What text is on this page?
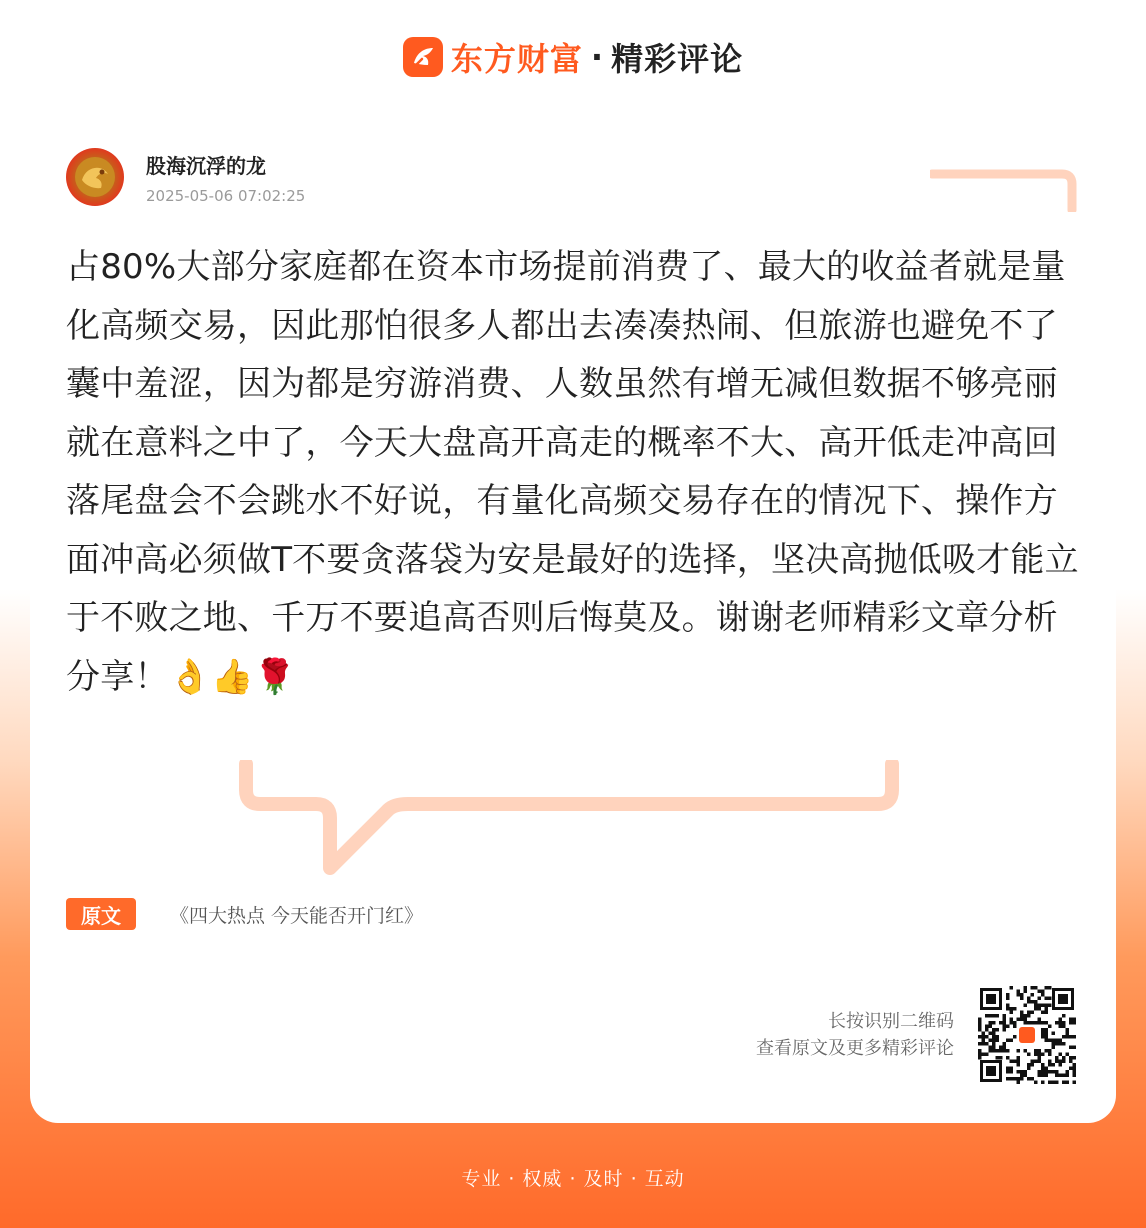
东方财富 · 精彩评论
股海沉浮的龙
2025-05-06 07:02:25
占80%大部分家庭都在资本市场提前消费了、最大的收益者就是量化高频交易，因此那怕很多人都出去凑凑热闹、但旅游也避免不了囊中羞涩，因为都是穷游消费、人数虽然有增无减但数据不够亮丽就在意料之中了，今天大盘高开高走的概率不大、高开低走冲高回落尾盘会不会跳水不好说，有量化高频交易存在的情况下、操作方面冲高必须做T不要贪落袋为安是最好的选择，坚决高抛低吸才能立于不败之地、千万不要追高否则后悔莫及。谢谢老师精彩文章分析分享！👌👍🌹
原文	《四大热点 今天能否开门红》
长按识别二维码
查看原文及更多精彩评论
专业 · 权威 · 及时 · 互动
